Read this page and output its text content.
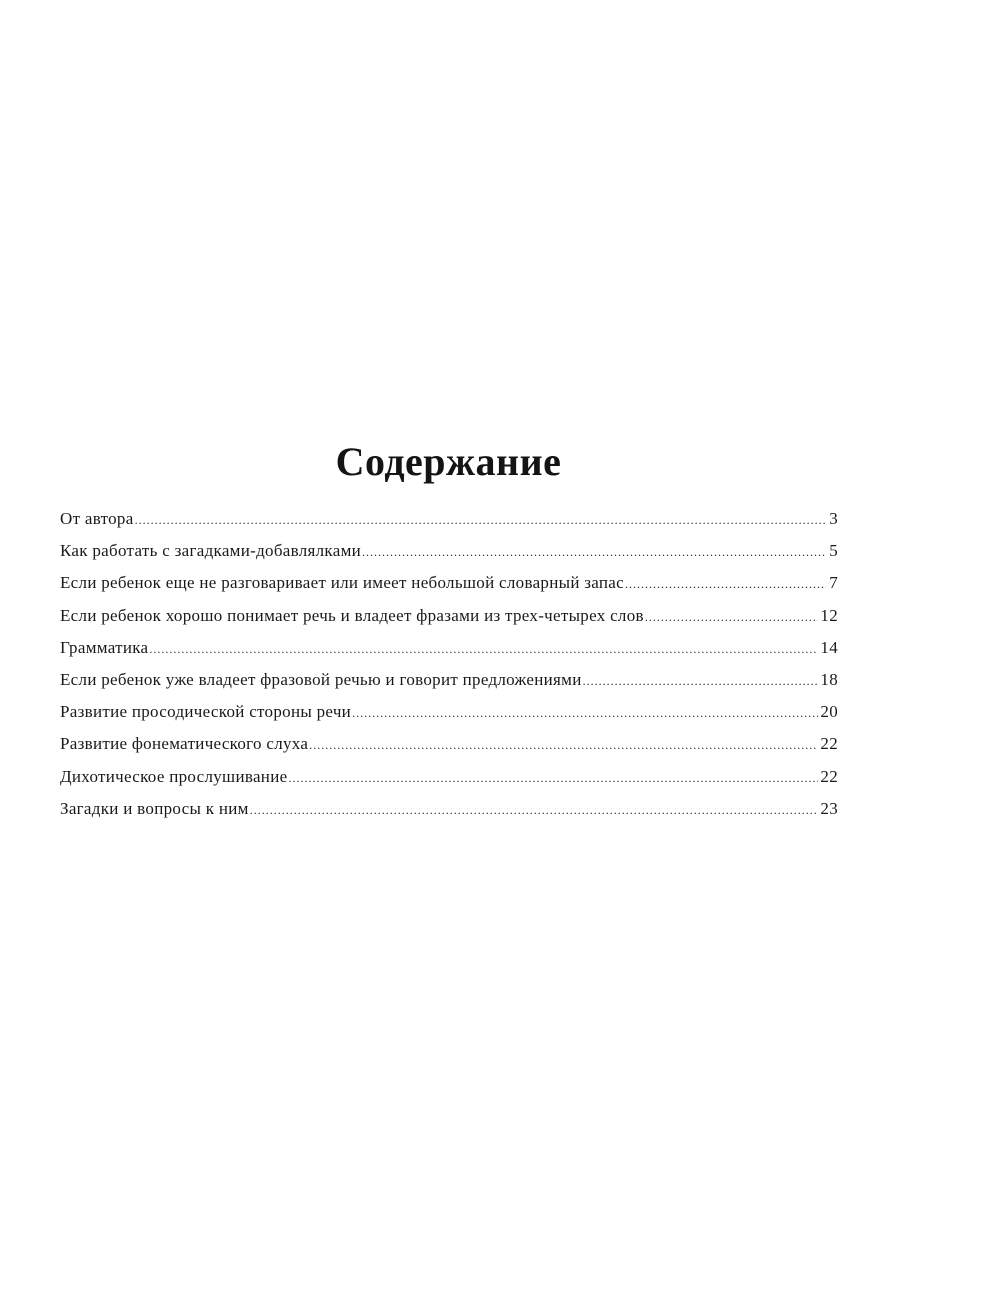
Содержание
От автора .....	3
Как работать с загадками-добавлялками .....	5
Если ребенок еще не разговаривает или имеет небольшой словарный запас .....	7
Если ребенок хорошо понимает речь и владеет фразами из трех-четырех слов .....	12
Грамматика .....	14
Если ребенок уже владеет фразовой речью и говорит предложениями .....	18
Развитие просодической стороны речи .....	20
Развитие фонематического слуха .....	22
Дихотическое прослушивание .....	22
Загадки и вопросы к ним .....	23
